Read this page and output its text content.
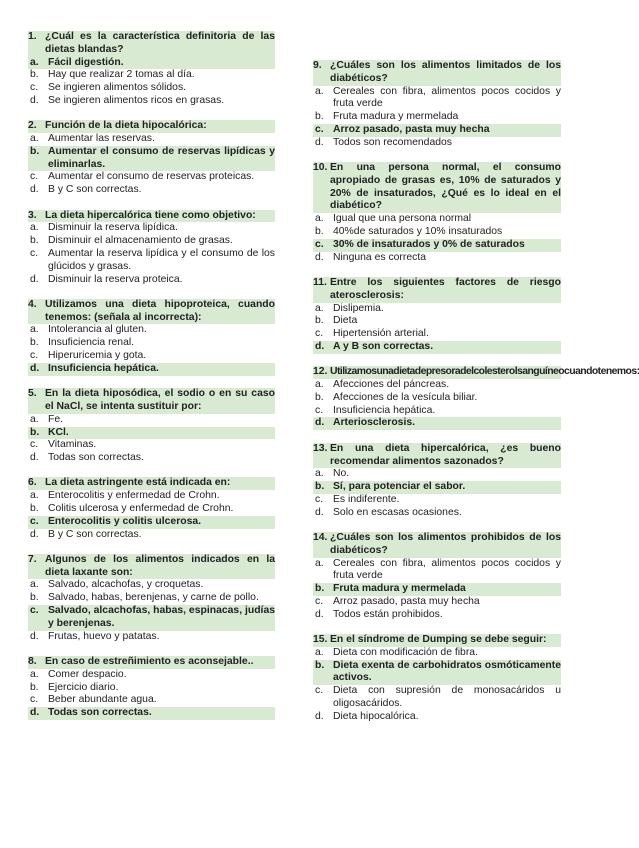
1. ¿Cuál es la característica definitoria de las dietas blandas?
a. Fácil digestión.
b. Hay que realizar 2 tomas al día.
c. Se ingieren alimentos sólidos.
d. Se ingieren alimentos ricos en grasas.
2. Función de la dieta hipocalórica:
a. Aumentar las reservas.
b. Aumentar el consumo de reservas lipídicas y eliminarlas.
c. Aumentar el consumo de reservas proteicas.
d. B y C son correctas.
3. La dieta hipercalórica tiene como objetivo:
a. Disminuir la reserva lipídica.
b. Disminuir el almacenamiento de grasas.
c. Aumentar la reserva lipídica y el consumo de los glúcidos y grasas.
d. Disminuir la reserva proteica.
4. Utilizamos una dieta hipoproteica, cuando tenemos: (señala al incorrecta):
a. Intolerancia al gluten.
b. Insuficiencia renal.
c. Hiperuricemia y gota.
d. Insuficiencia hepática.
5. En la dieta hiposódica, el sodio o en su caso el NaCl, se intenta sustituir por:
a. Fe.
b. KCl.
c. Vitaminas.
d. Todas son correctas.
6. La dieta astringente está indicada en:
a. Enterocolitis y enfermedad de Crohn.
b. Colitis ulcerosa y enfermedad de Crohn.
c. Enterocolitis y colitis ulcerosa.
d. B y C son correctas.
7. Algunos de los alimentos indicados en la dieta laxante son:
a. Salvado, alcachofas, y croquetas.
b. Salvado, habas, berenjenas, y carne de pollo.
c. Salvado, alcachofas, habas, espinacas, judías y berenjenas.
d. Frutas, huevo y patatas.
8. En caso de estreñimiento es aconsejable..
a. Comer despacio.
b. Ejercicio diario.
c. Beber abundante agua.
d. Todas son correctas.
9. ¿Cuáles son los alimentos limitados de los diabéticos?
a. Cereales con fibra, alimentos pocos cocidos y fruta verde
b. Fruta madura y mermelada
c. Arroz pasado, pasta muy hecha
d. Todos son recomendados
10. En una persona normal, el consumo apropiado de grasas es, 10% de saturados y 20% de insaturados, ¿Qué es lo ideal en el diabético?
a. Igual que una persona normal
b. 40%de saturados y 10% insaturados
c. 30% de insaturados y 0% de saturados
d. Ninguna es correcta
11. Entre los siguientes factores de riesgo aterosclerosis:
a. Dislipemia.
b. Dieta
c. Hipertensión arterial.
d. A y B son correctas.
12. Utilizamosunadietadepresoradelcolesterolsanguíneocuandotenemos:
a. Afecciones del páncreas.
b. Afecciones de la vesícula biliar.
c. Insuficiencia hepática.
d. Arteriosclerosis.
13. En una dieta hipercalórica, ¿es bueno recomendar alimentos sazonados?
a. No.
b. Sí, para potenciar el sabor.
c. Es indiferente.
d. Solo en escasas ocasiones.
14. ¿Cuáles son los alimentos prohibidos de los diabéticos?
a. Cereales con fibra, alimentos pocos cocidos y fruta verde
b. Fruta madura y mermelada
c. Arroz pasado, pasta muy hecha
d. Todos están prohibidos.
15. En el síndrome de Dumping se debe seguir:
a. Dieta con modificación de fibra.
b. Dieta exenta de carbohidratos osmóticamente activos.
c. Dieta con supresión de monosacáridos u oligosacáridos.
d. Dieta hipocalórica.
